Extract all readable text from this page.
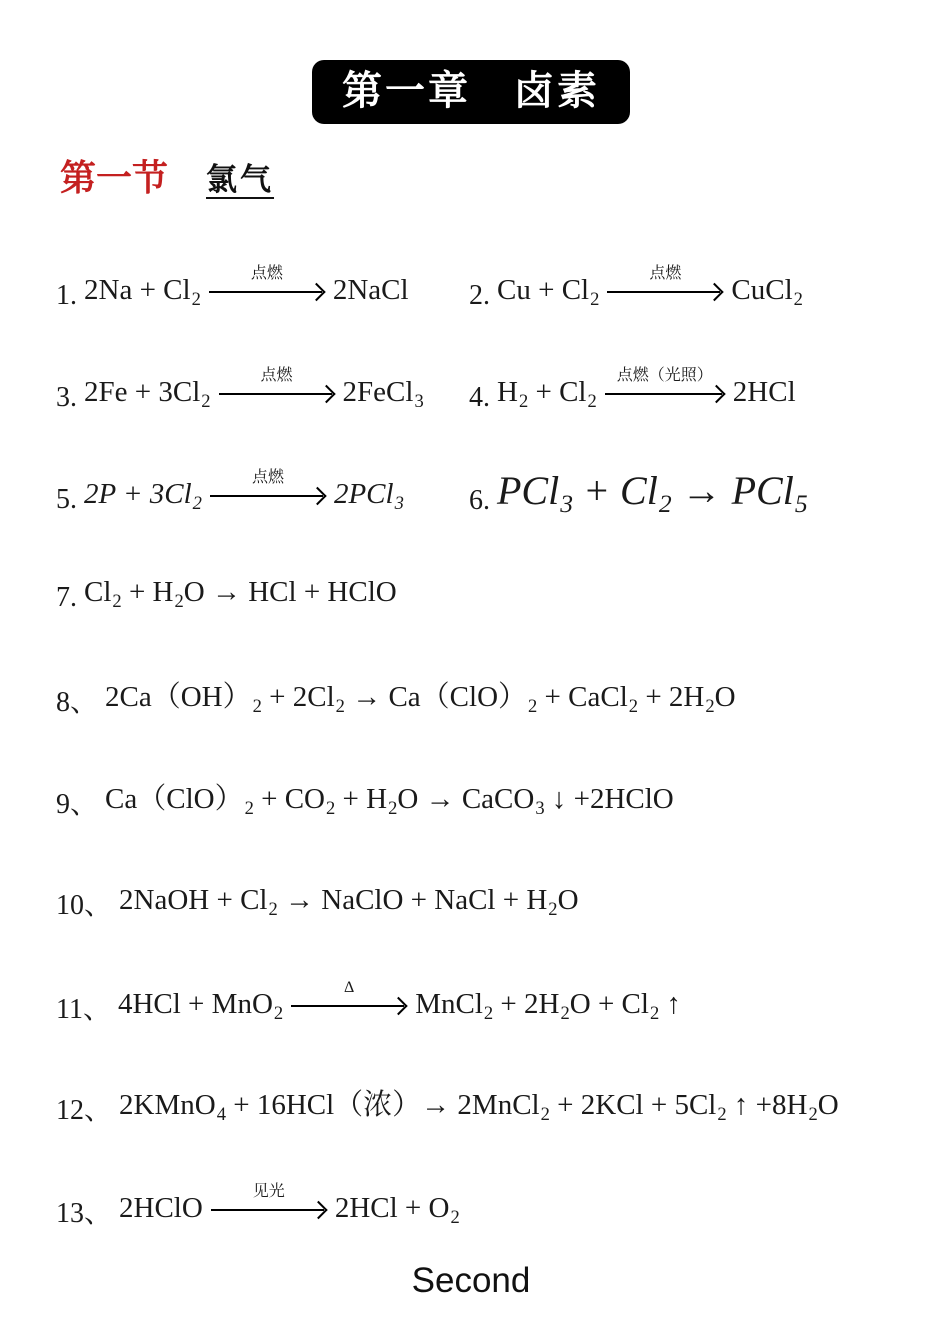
第一章　卤素
第一节 氯气
1. $2Na + Cl_2$
点燃
2NaCl 2. $Cu + Cl_2$
点燃
CuCl$_2$
3. $2Fe + 3Cl_2$
点燃
2FeCl$_3$ 4. $H_2 + Cl_2$
点燃（光照）
2HCl
5. $2P + 3Cl_2$
点燃
2PCl$_3$ 6. $PCl_3 + Cl_2 \to PCl_5$
7. $Cl_2 + H_2O$ → HCl + HClO
8、 $2Ca(OH)_2 + 2Cl_2 \to Ca(ClO)_2$ + CaCl$_2$ + $2H_2O$
9、 $Ca(ClO)_2 + CO_2 + H_2O$ → CaCO$_3$ ↓ +2HClO
10、 2NaOH + $Cl_2$ → NaClO + NaCl + $H_2O$
11、 4HCl + MnO$_2$
Δ
MnCl$_2$ + $2H_2O + Cl_2$ ↑
12、 2KMnO$_4$ + 16HCl（浓）→ 2MnCl$_2$ + $2KCl + 5Cl_2$ ↑ $+8H_2O$
13、 2HClO
见光
$2HCl + O_2$
Second
